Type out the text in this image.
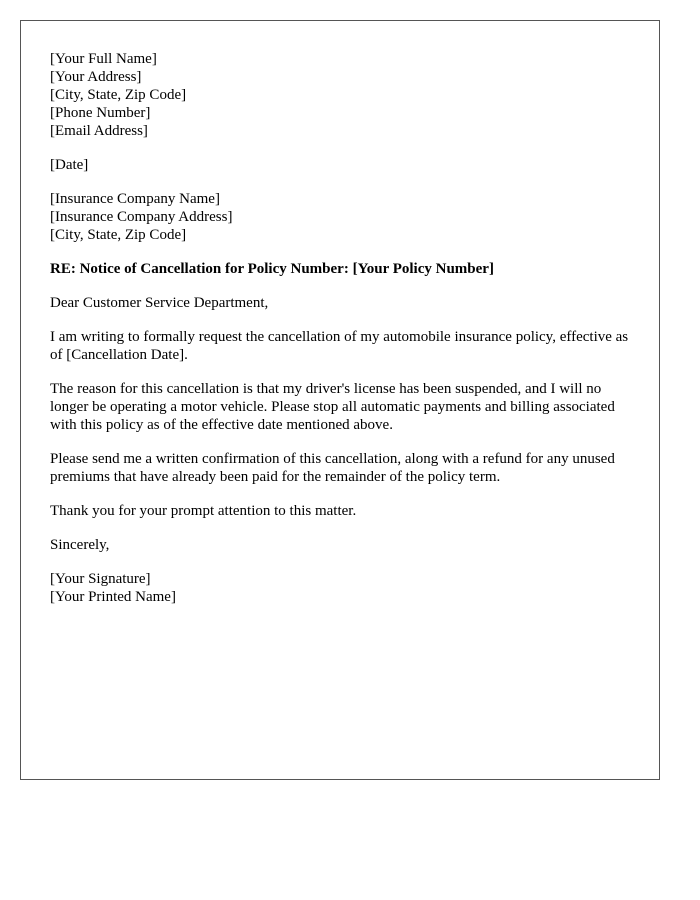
[Your Full Name]
[Your Address]
[City, State, Zip Code]
[Phone Number]
[Email Address]
[Date]
[Insurance Company Name]
[Insurance Company Address]
[City, State, Zip Code]

RE: Notice of Cancellation for Policy Number: [Your Policy Number]

Dear Customer Service Department,

I am writing to formally request the cancellation of my automobile insurance policy, effective as of [Cancellation Date].

The reason for this cancellation is that my driver's license has been suspended, and I will no longer be operating a motor vehicle. Please stop all automatic payments and billing associated with this policy as of the effective date mentioned above.

Please send me a written confirmation of this cancellation, along with a refund for any unused premiums that have already been paid for the remainder of the policy term.

Thank you for your prompt attention to this matter.

Sincerely,

[Your Signature]
[Your Printed Name]
